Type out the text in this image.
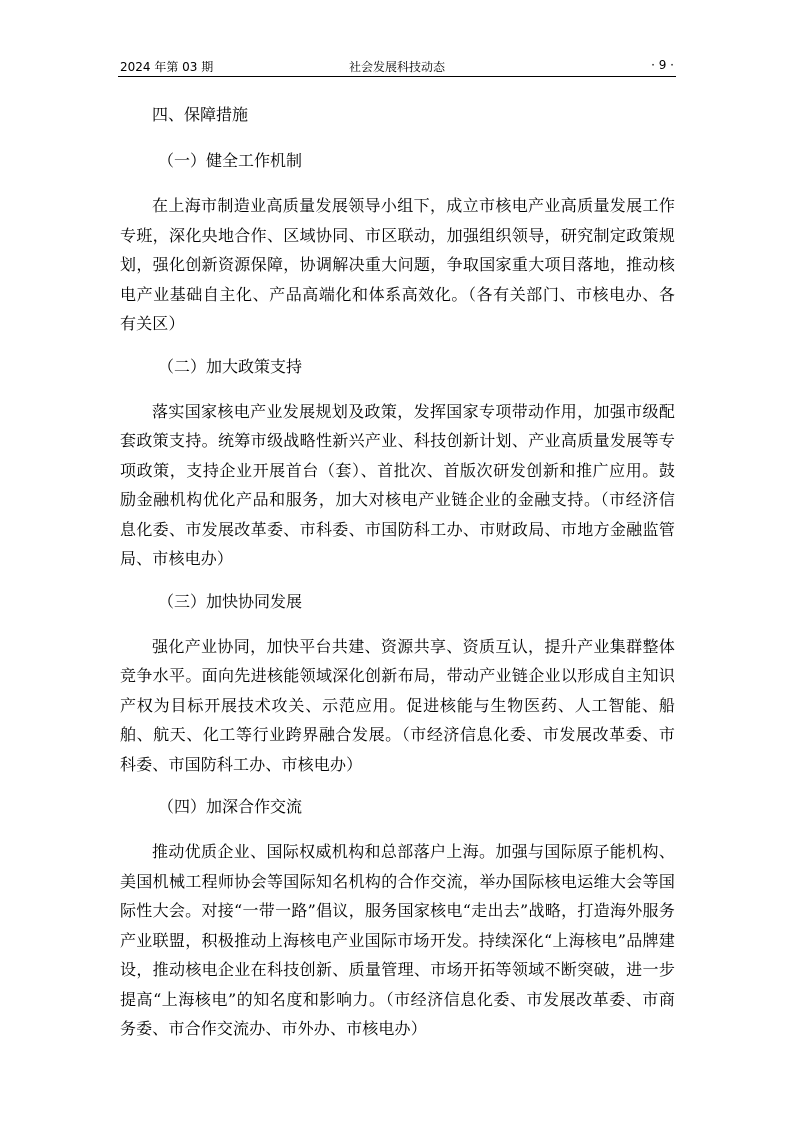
2024 年第 03 期	社会发展科技动态	· 9 ·

四、保障措施

（一）健全工作机制

在上海市制造业高质量发展领导小组下，成立市核电产业高质量发展工作专班，深化央地合作、区域协同、市区联动，加强组织领导，研究制定政策规划，强化创新资源保障，协调解决重大问题，争取国家重大项目落地，推动核电产业基础自主化、产品高端化和体系高效化。（各有关部门、市核电办、各有关区）

（二）加大政策支持

落实国家核电产业发展规划及政策，发挥国家专项带动作用，加强市级配套政策支持。统筹市级战略性新兴产业、科技创新计划、产业高质量发展等专项政策，支持企业开展首台（套）、首批次、首版次研发创新和推广应用。鼓励金融机构优化产品和服务，加大对核电产业链企业的金融支持。（市经济信息化委、市发展改革委、市科委、市国防科工办、市财政局、市地方金融监管局、市核电办）

（三）加快协同发展

强化产业协同，加快平台共建、资源共享、资质互认，提升产业集群整体竞争水平。面向先进核能领域深化创新布局，带动产业链企业以形成自主知识产权为目标开展技术攻关、示范应用。促进核能与生物医药、人工智能、船舶、航天、化工等行业跨界融合发展。（市经济信息化委、市发展改革委、市科委、市国防科工办、市核电办）

（四）加深合作交流

推动优质企业、国际权威机构和总部落户上海。加强与国际原子能机构、美国机械工程师协会等国际知名机构的合作交流，举办国际核电运维大会等国际性大会。对接“一带一路”倡议，服务国家核电“走出去”战略，打造海外服务产业联盟，积极推动上海核电产业国际市场开发。持续深化“上海核电”品牌建设，推动核电企业在科技创新、质量管理、市场开拓等领域不断突破，进一步提高“上海核电”的知名度和影响力。（市经济信息化委、市发展改革委、市商务委、市合作交流办、市外办、市核电办）
